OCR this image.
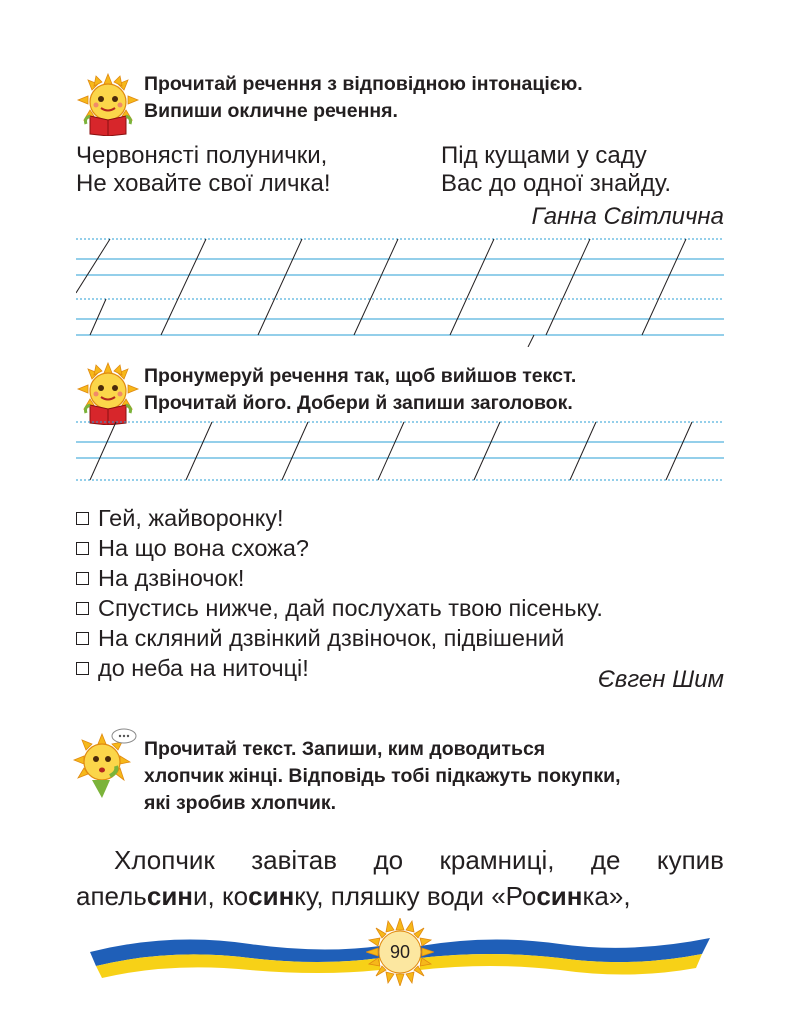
Прочитай речення з відповідною інтонацією.
Випиши окличне речення.
Червонясті полунички,
Не ховайте свої личка!
Під кущами у саду
Вас до одної знайду.
Ганна Світлична
Пронумеруй речення так, щоб вийшов текст.
Прочитай його. Добери й запиши заголовок.
Гей, жайворонку!
На що вона схожа?
На дзвіночок!
Спустись нижче, дай послухать твою пісеньку.
На скляний дзвінкий дзвіночок, підвішений
до неба на ниточці!	Євген Шим
Прочитай текст. Запиши, ким доводиться
хлопчик жінці. Відповідь тобі підкажуть покупки,
які зробив хлопчик.
Хлопчик завітав до крамниці, де купив
апельсини, косинку, пляшку води «Росинка»,
90
